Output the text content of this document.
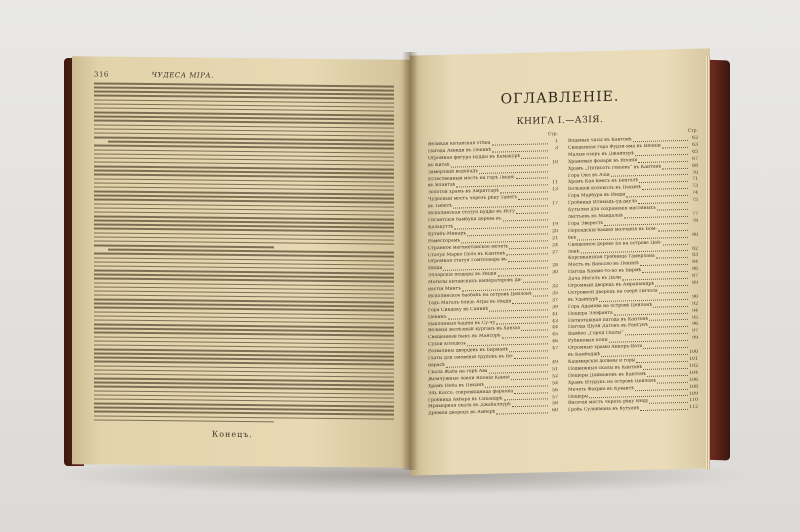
316	ЧУДЕСА МІРА.
Конецъ.
ОГЛАВЛЕНІЕ.
КНИГА I.—АЗІЯ.
Стр.
Великая китайская стѣна	1
Пагода Ахвиди въ Пекинѣ	3
Огромная фигура Будды въ Камакурѣ
въ Китаѣ
10
Замерзшій водопадъ
Естественный мостъ на горѣ Лиань
въ Ялантаѣ	11
Золотой храмъ въ Амритсарѣ	13
Чудесный мостъ черезъ рѣку Танегъ
въ Тибетѣ
17
Исполинская статуя Будды въ Исгу
Гигантскія бамбуки дерева въ
Калькуттѣ	19
Кутабъ-Минаръ	20
Рамессорамъ	21
Странное магометанское мечеть	24
Статуя Марко Поло въ Кантонѣ	27
Огромная статуя Гомтеснара въ
Индіи
28
Эллорскія пещеры въ Индіи	30
Могилы китайскихъ императоровъ ди-
настіи Мингъ	32
Исполинское баобабъ на островѣ Цейлонѣ	35
Тадъ Магалъ близь Агры въ Индіи	37
Гора Синдоку въ Санинѣ	39
Пекинъ
41
Наклонныя башни въ Су-чу	43
Великій желѣзный курганъ въ Ханьхо	44
Священный быкъ въ Майсорѣ	45
Сухой колодезь	46
Развалины дворцевъ въ Бирманѣ	47
Гхаты для омовеній трупокъ въ Бе-
нарасѣ
49
Скала Жаба на горѣ Ава	51
Жемчужные ловли Японіи Канна	52
Храмъ Неба въ Пекинѣ	54
Эль Кассо, сокровищница фараона	56
Гробница Акбара въ Сикандрѣ	57
Мраморная скала въ Джабалпурѣ	58
Древній дворецъ въ Амберѣ	60
Стр.
Водяные часы въ Кантонѣ	62
Священная гора Фудзи-яма въ Японіи	63
Малыя озеръ въ Джайпурѣ	65
Храмовые фонари въ Японіи	67
Храмъ „Пятисотъ геніевъ“ въ Кантонѣ	68
Гора Оил въ Азіи	70
Храмъ Кая Квесъ въ Бенгалѣ	71
Большой колоколъ въ Пекинѣ	73
Гора Марбура въ Индіи	74
Гробница Итимадъ-уд-даула	75
Бутылки для сохраненія масляныхъ
листьевъ въ Мандалаѣ	77
Гора Эверестъ	78
Персидскія башни молчанія въ Бом-
беѣ
80
Священное дерево Бо на острове Цей-
лонѣ
82
Корсиканская гробница Тамерлана	83
Мостъ въ Ваньсяо въ Пекинѣ	84
Пагода Камме-то-ао въ Бирмѣ	86
Дача Моголъ въ Дели	87
Огромный дворецъ въ Амрашандрѣ	89
Островной дворецъ на озерѣ Пичола
въ Удайпурѣ	90
Гора Адамова на островѣ Цейлонѣ	92
Пещера Элефанта	94
Пятиэтажная пагода въ Кантонѣ	95
Пагода Шуэй Дагонъ въ Рангунѣ	96
Вамбоо „Город Скалы“	97
Рубиновые копи	99
Огромные храмы Анкоръ-Вата
въ Камбоджѣ	100
Кашмирскія долины и горы	101
Подвижныя скалы въ Кантонѣ	102
Пещеры Даймоновъ въ Кантонѣ	104
Храмъ Итурукъ на островѣ Цейлонѣ	106
Мечеть Фахрие въ Кувайтѣ	108
Пещеры
109
Висячій мостъ черезъ рѣку Инду	110
Гробъ Сулеймана въ Кутуанѣ	112
